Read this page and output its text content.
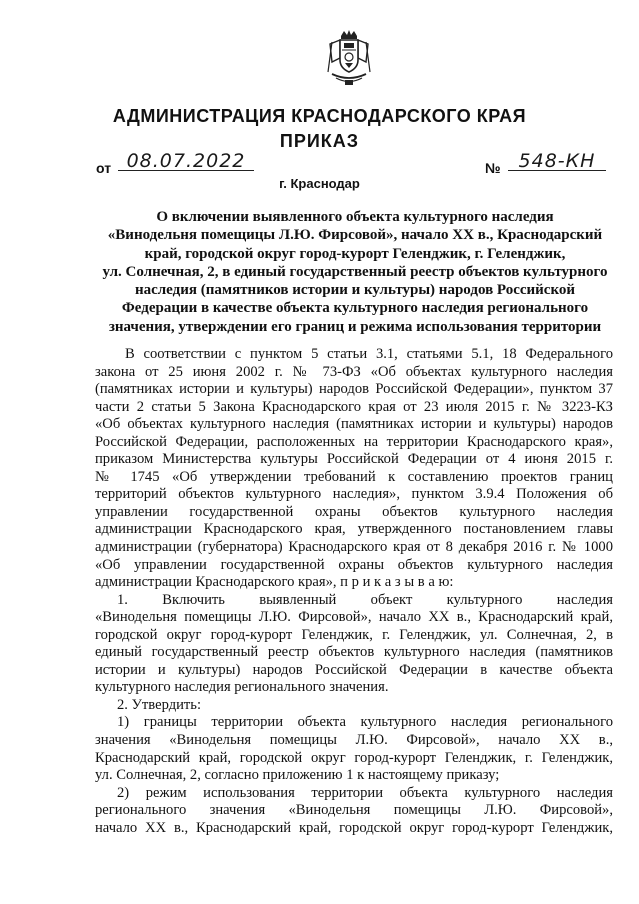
АДМИНИСТРАЦИЯ КРАСНОДАРСКОГО КРАЯ
ПРИКАЗ
от 08.07.2022	№ 548-КН
г. Краснодар
О включении выявленного объекта культурного наследия
«Винодельня помещицы Л.Ю. Фирсовой», начало XX в., Краснодарский
край, городской округ город-курорт Геленджик, г. Геленджик,
ул. Солнечная, 2, в единый государственный реестр объектов культурного
наследия (памятников истории и культуры) народов Российской
Федерации в качестве объекта культурного наследия регионального
значения, утверждении его границ и режима использования территории
В соответствии с пунктом 5 статьи 3.1, статьями 5.1, 18 Федерального
закона от 25 июня 2002 г. № 73-ФЗ «Об объектах культурного наследия
(памятниках истории и культуры) народов Российской Федерации», пунктом 37
части 2 статьи 5 Закона Краснодарского края от 23 июля 2015 г. № 3223-КЗ
«Об объектах культурного наследия (памятниках истории и культуры) народов
Российской Федерации, расположенных на территории Краснодарского края»,
приказом Министерства культуры Российской Федерации от 4 июня 2015 г.
№ 1745 «Об утверждении требований к составлению проектов границ
территорий объектов культурного наследия», пунктом 3.9.4 Положения об
управлении государственной охраны объектов культурного наследия
администрации Краснодарского края, утвержденного постановлением главы
администрации (губернатора) Краснодарского края от 8 декабря 2016 г. № 1000
«Об управлении государственной охраны объектов культурного наследия
администрации Краснодарского края», п р и к а з ы в а ю:
1. Включить выявленный объект культурного наследия
«Винодельня помещицы Л.Ю. Фирсовой», начало XX в., Краснодарский край,
городской округ город-курорт Геленджик, г. Геленджик, ул. Солнечная, 2, в
единый государственный реестр объектов культурного наследия (памятников
истории и культуры) народов Российской Федерации в качестве объекта
культурного наследия регионального значения.
2. Утвердить:
1) границы территории объекта культурного наследия регионального
значения «Винодельня помещицы Л.Ю. Фирсовой», начало XX в.,
Краснодарский край, городской округ город-курорт Геленджик, г. Геленджик,
ул. Солнечная, 2, согласно приложению 1 к настоящему приказу;
2) режим использования территории объекта культурного наследия
регионального значения «Винодельня помещицы Л.Ю. Фирсовой»,
начало XX в., Краснодарский край, городской округ город-курорт Геленджик,
